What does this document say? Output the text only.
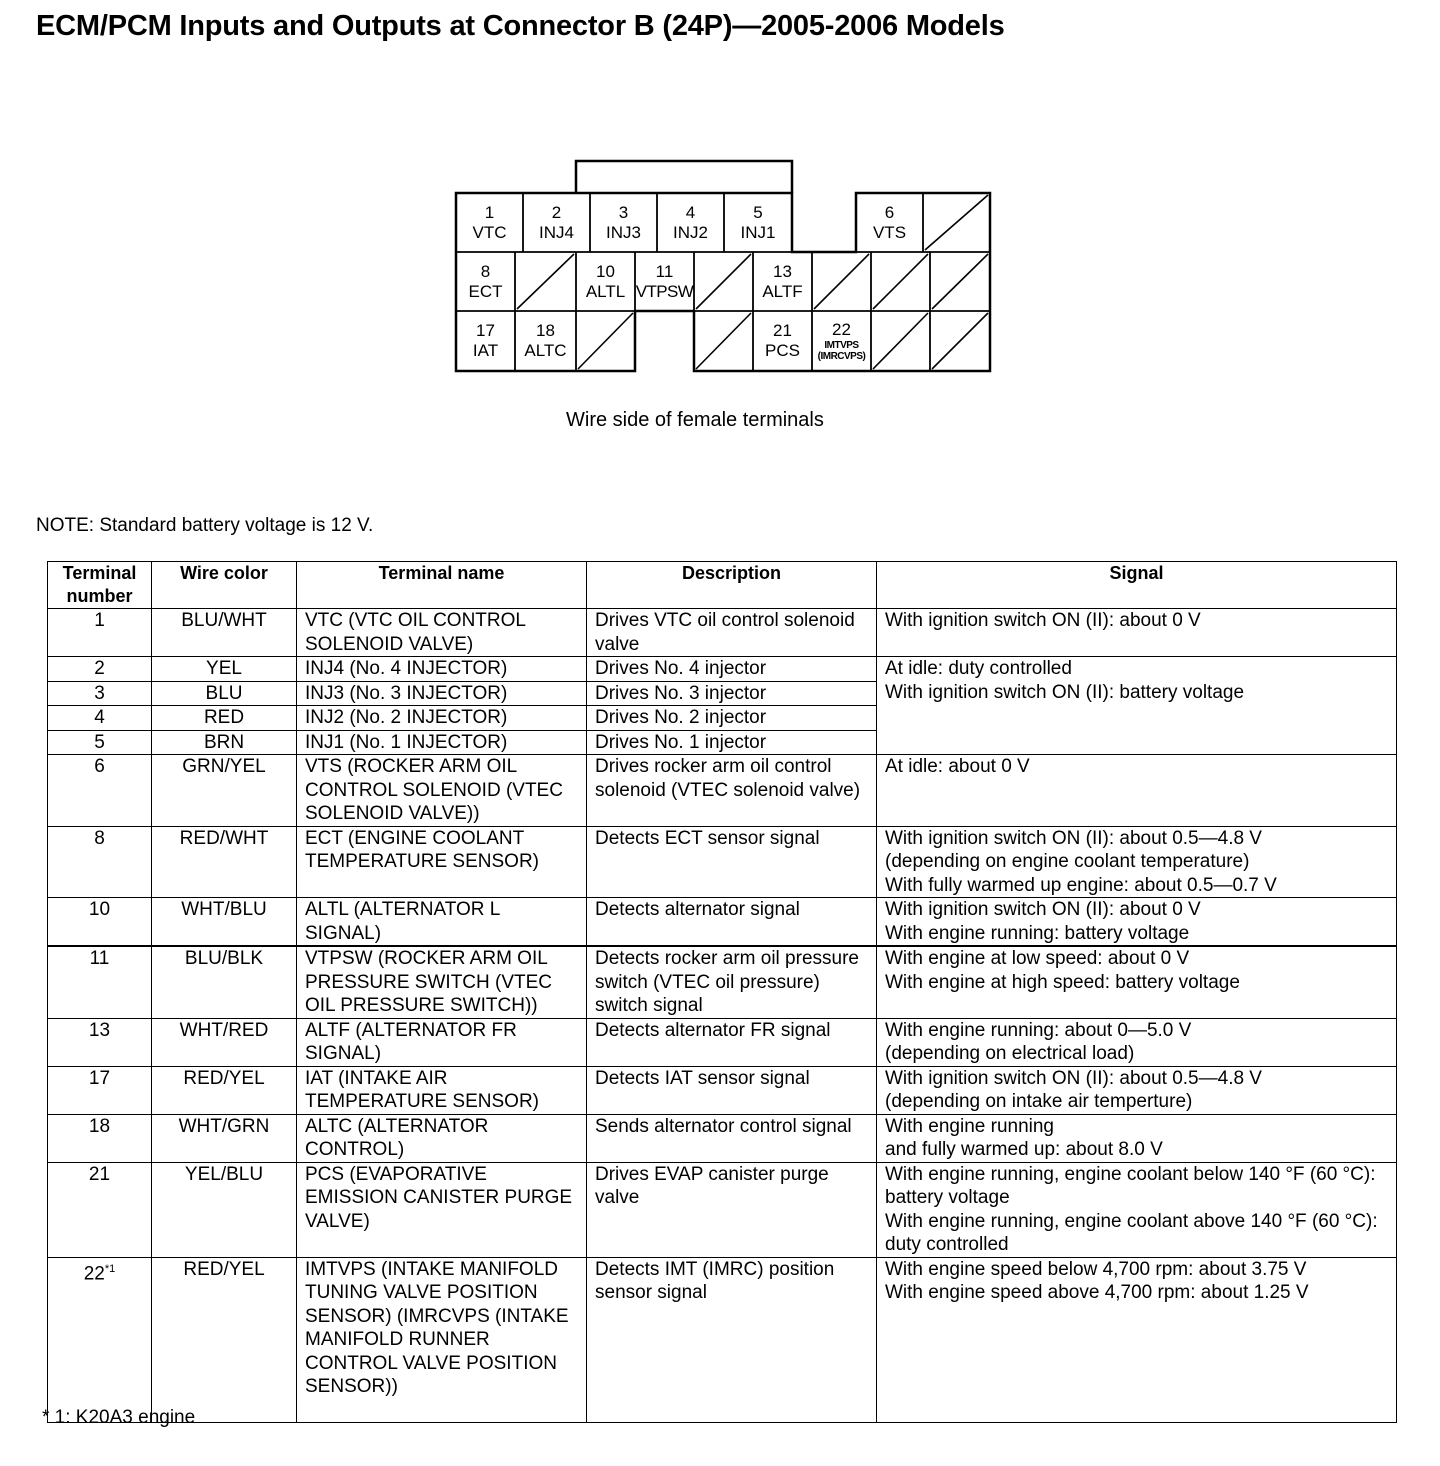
ECM/PCM Inputs and Outputs at Connector B (24P)—2005-2006 Models
1
VTC
2
INJ4
3
INJ3
4
INJ2
5
INJ1
6
VTS
8
ECT
10
ALTL
11
VTPSW
13
ALTF
17
IAT
18
ALTC
21
PCS
22
IMTVPS
(IMRCVPS)
Wire side of female terminals
NOTE: Standard battery voltage is 12 V.
Terminal number	Wire color	Terminal name	Description	Signal
1	BLU/WHT	VTC (VTC OIL CONTROL SOLENOID VALVE)	Drives VTC oil control solenoid valve	With ignition switch ON (II): about 0 V
2	YEL	INJ4 (No. 4 INJECTOR)	Drives No. 4 injector	At idle: duty controlled
With ignition switch ON (II): battery voltage

3	BLU	INJ3 (No. 3 INJECTOR)	Drives No. 3 injector	
4	RED	INJ2 (No. 2 INJECTOR)	Drives No. 2 injector	
5	BRN	INJ1 (No. 1 INJECTOR)	Drives No. 1 injector	
6	GRN/YEL	VTS (ROCKER ARM OIL CONTROL SOLENOID (VTEC SOLENOID VALVE))	Drives rocker arm oil control solenoid (VTEC solenoid valve)	At idle: about 0 V
8	RED/WHT	ECT (ENGINE COOLANT TEMPERATURE SENSOR)	Detects ECT sensor signal	With ignition switch ON (II): about 0.5—4.8 V
(depending on engine coolant temperature)
With fully warmed up engine: about 0.5—0.7 V

10	WHT/BLU	ALTL (ALTERNATOR L SIGNAL)	Detects alternator signal	With ignition switch ON (II): about 0 V
With engine running: battery voltage

11	BLU/BLK	VTPSW (ROCKER ARM OIL PRESSURE SWITCH (VTEC OIL PRESSURE SWITCH))	Detects rocker arm oil pressure switch (VTEC oil pressure) switch signal	With engine at low speed: about 0 V
With engine at high speed: battery voltage

13	WHT/RED	ALTF (ALTERNATOR FR SIGNAL)	Detects alternator FR signal	With engine running: about 0—5.0 V
(depending on electrical load)

17	RED/YEL	IAT (INTAKE AIR TEMPERATURE SENSOR)	Detects IAT sensor signal	With ignition switch ON (II): about 0.5—4.8 V
(depending on intake air temperture)

18	WHT/GRN	ALTC (ALTERNATOR CONTROL)	Sends alternator control signal	With engine running
and fully warmed up: about 8.0 V

21	YEL/BLU	PCS (EVAPORATIVE EMISSION CANISTER PURGE VALVE)	Drives EVAP canister purge valve	With engine running, engine coolant below 140 °F (60 °C): battery voltage
With engine running, engine coolant above 140 °F (60 °C): duty controlled

22$^{*1}$	RED/YEL	IMTVPS (INTAKE MANIFOLD TUNING VALVE POSITION SENSOR) (IMRCVPS (INTAKE MANIFOLD RUNNER CONTROL VALVE POSITION SENSOR))	Detects IMT (IMRC) position sensor signal	With engine speed below 4,700 rpm: about 3.75 V
With engine speed above 4,700 rpm: about 1.25 V
* 1: K20A3 engine
